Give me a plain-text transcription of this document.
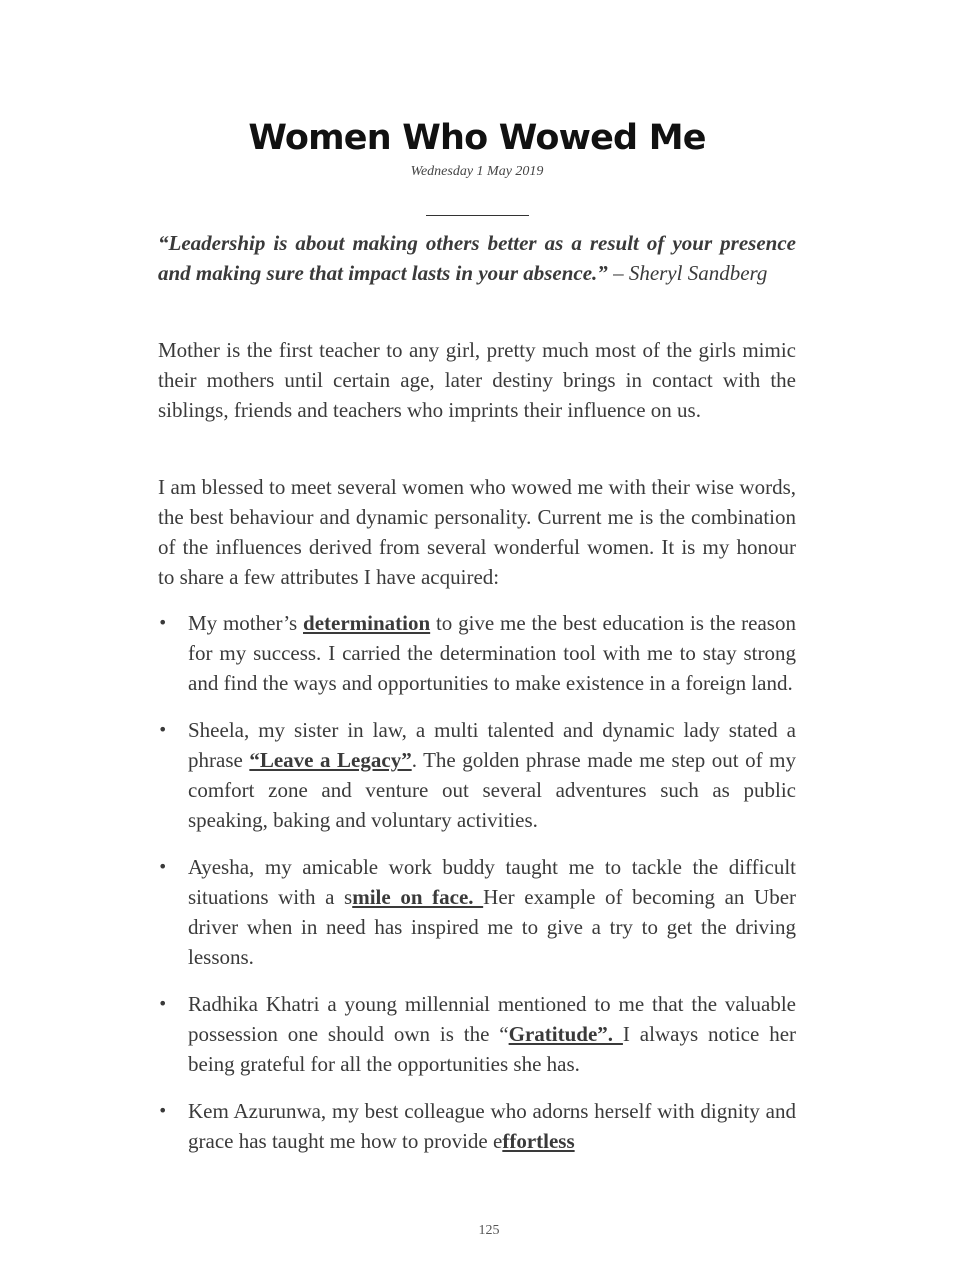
Women Who Wowed Me
Wednesday 1 May 2019
“Leadership is about making others better as a result of your presence and making sure that impact lasts in your absence.” – Sheryl Sandberg

Mother is the first teacher to any girl, pretty much most of the girls mimic their mothers until certain age, later destiny brings in contact with the siblings, friends and teachers who imprints their influence on us.

I am blessed to meet several women who wowed me with their wise words, the best behaviour and dynamic personality. Current me is the combination of the influences derived from several wonderful women. It is my honour to share a few attributes I have acquired:

• My mother’s determination to give me the best education is the reason for my success. I carried the determination tool with me to stay strong and find the ways and opportunities to make existence in a foreign land.
• Sheela, my sister in law, a multi talented and dynamic lady stated a phrase “Leave a Legacy”. The golden phrase made me step out of my comfort zone and venture out several adventures such as public speaking, baking and voluntary activities.
• Ayesha, my amicable work buddy taught me to tackle the difficult situations with a smile on face. Her example of becoming an Uber driver when in need has inspired me to give a try to get the driving lessons.
• Radhika Khatri a young millennial mentioned to me that the valuable possession one should own is the “Gratitude”. I always notice her being grateful for all the opportunities she has.
• Kem Azurunwa, my best colleague who adorns herself with dignity and grace has taught me how to provide effortless
125
